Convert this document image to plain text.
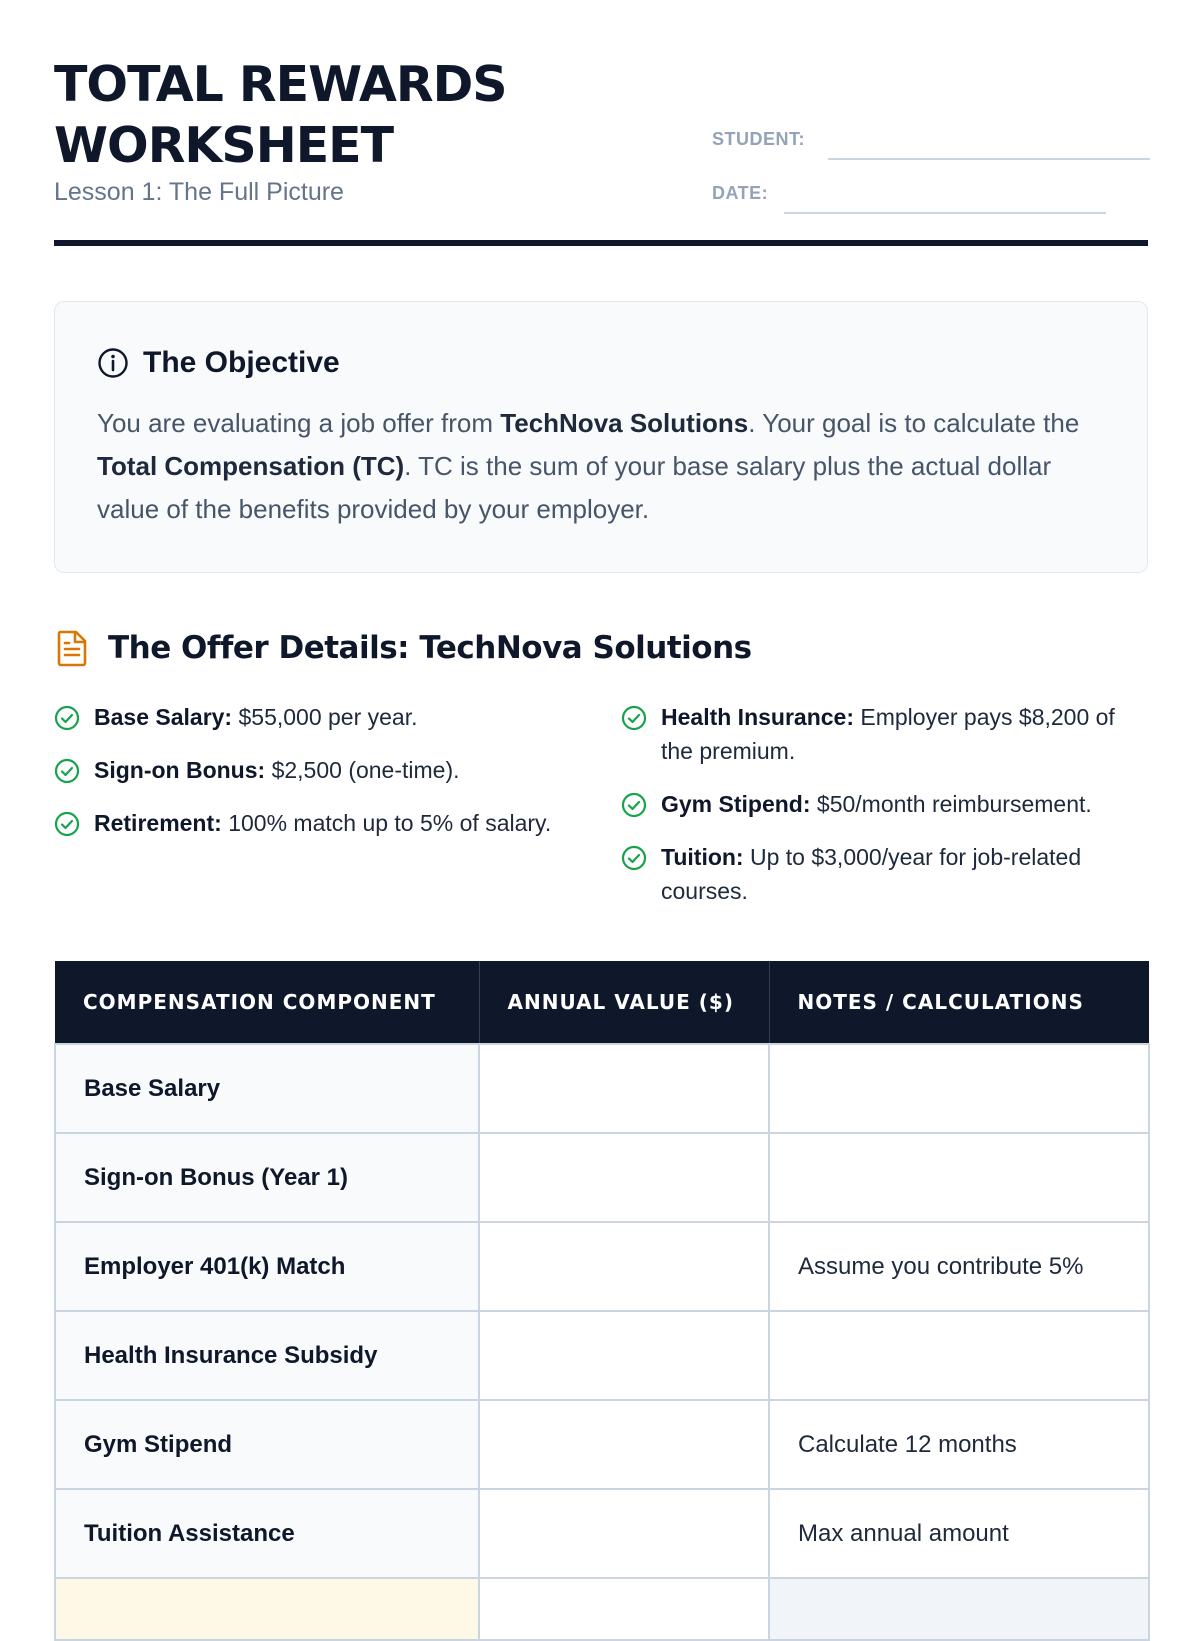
TOTAL REWARDS
WORKSHEET
Lesson 1: The Full Picture
STUDENT:
DATE:
The Objective
You are evaluating a job offer from TechNova Solutions. Your goal is to calculate the Total Compensation (TC). TC is the sum of your base salary plus the actual dollar value of the benefits provided by your employer.
The Offer Details: TechNova Solutions
Base Salary: $55,000 per year.
Sign-on Bonus: $2,500 (one-time).
Retirement: 100% match up to 5% of salary.
Health Insurance: Employer pays $8,200 of the premium.
Gym Stipend: $50/month reimbursement.
Tuition: Up to $3,000/year for job-related courses.
COMPENSATION COMPONENT	ANNUAL VALUE ($)	NOTES / CALCULATIONS
Base Salary		
Sign-on Bonus (Year 1)		
Employer 401(k) Match		Assume you contribute 5%
Health Insurance Subsidy		
Gym Stipend		Calculate 12 months
Tuition Assistance		Max annual amount
